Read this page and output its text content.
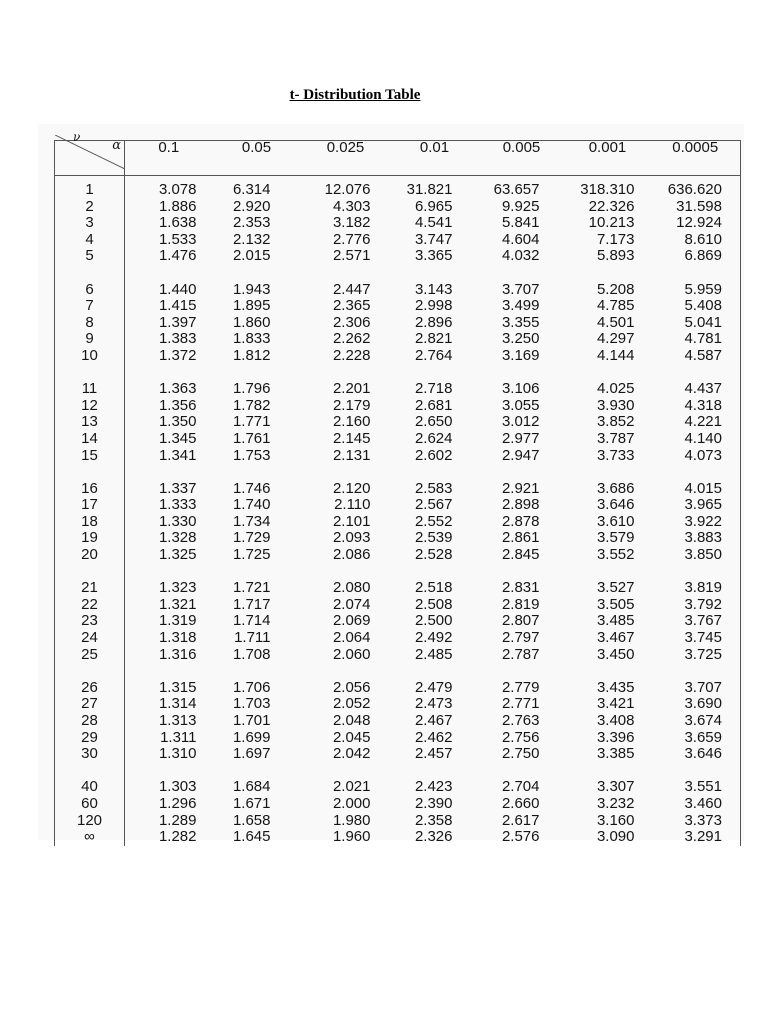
t- Distribution Table
α
ν	0.1	0.05	0.025	0.01	0.005	0.001	0.0005
1	3.078	6.314	12.076	31.821	63.657	318.310	636.620
2	1.886	2.920	4.303	6.965	9.925	22.326	31.598
3	1.638	2.353	3.182	4.541	5.841	10.213	12.924
4	1.533	2.132	2.776	3.747	4.604	7.173	8.610
5	1.476	2.015	2.571	3.365	4.032	5.893	6.869

6	1.440	1.943	2.447	3.143	3.707	5.208	5.959
7	1.415	1.895	2.365	2.998	3.499	4.785	5.408
8	1.397	1.860	2.306	2.896	3.355	4.501	5.041
9	1.383	1.833	2.262	2.821	3.250	4.297	4.781
10	1.372	1.812	2.228	2.764	3.169	4.144	4.587

11	1.363	1.796	2.201	2.718	3.106	4.025	4.437
12	1.356	1.782	2.179	2.681	3.055	3.930	4.318
13	1.350	1.771	2.160	2.650	3.012	3.852	4.221
14	1.345	1.761	2.145	2.624	2.977	3.787	4.140
15	1.341	1.753	2.131	2.602	2.947	3.733	4.073

16	1.337	1.746	2.120	2.583	2.921	3.686	4.015
17	1.333	1.740	2.110	2.567	2.898	3.646	3.965
18	1.330	1.734	2.101	2.552	2.878	3.610	3.922
19	1.328	1.729	2.093	2.539	2.861	3.579	3.883
20	1.325	1.725	2.086	2.528	2.845	3.552	3.850

21	1.323	1.721	2.080	2.518	2.831	3.527	3.819
22	1.321	1.717	2.074	2.508	2.819	3.505	3.792
23	1.319	1.714	2.069	2.500	2.807	3.485	3.767
24	1.318	1.711	2.064	2.492	2.797	3.467	3.745
25	1.316	1.708	2.060	2.485	2.787	3.450	3.725

26	1.315	1.706	2.056	2.479	2.779	3.435	3.707
27	1.314	1.703	2.052	2.473	2.771	3.421	3.690
28	1.313	1.701	2.048	2.467	2.763	3.408	3.674
29	1.311	1.699	2.045	2.462	2.756	3.396	3.659
30	1.310	1.697	2.042	2.457	2.750	3.385	3.646

40	1.303	1.684	2.021	2.423	2.704	3.307	3.551
60	1.296	1.671	2.000	2.390	2.660	3.232	3.460
120	1.289	1.658	1.980	2.358	2.617	3.160	3.373
∞	1.282	1.645	1.960	2.326	2.576	3.090	3.291
